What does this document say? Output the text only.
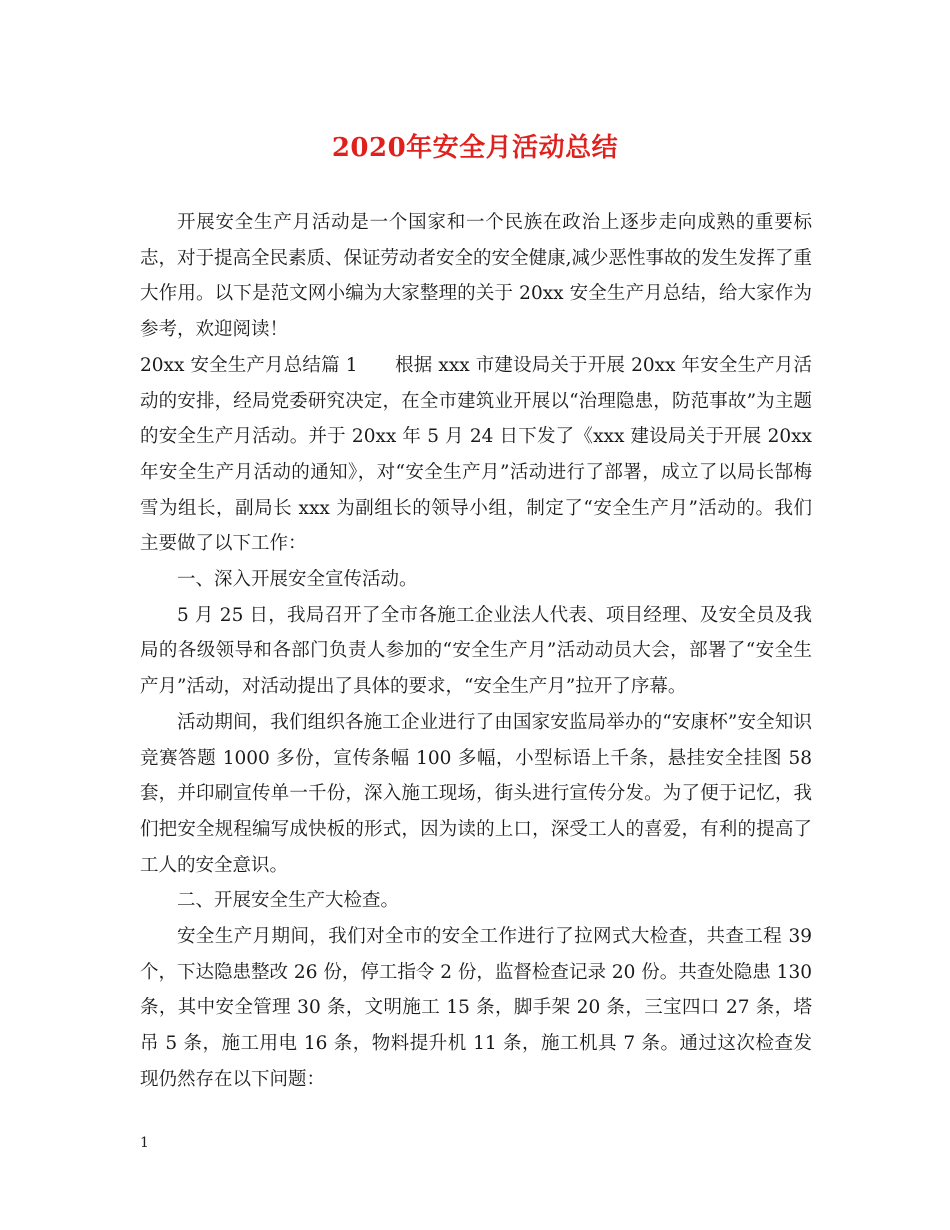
2020年安全月活动总结

开展安全生产月活动是一个国家和一个民族在政治上逐步走向成熟的重要标志，对于提高全民素质、保证劳动者安全的安全健康,减少恶性事故的发生发挥了重大作用。以下是范文网小编为大家整理的关于 20xx 安全生产月总结，给大家作为参考，欢迎阅读！

20xx 安全生产月总结篇 1　　根据 xxx 市建设局关于开展 20xx 年安全生产月活动的安排，经局党委研究决定，在全市建筑业开展以“治理隐患，防范事故”为主题的安全生产月活动。并于 20xx 年 5 月 24 日下发了《xxx 建设局关于开展 20xx 年安全生产月活动的通知》，对“安全生产月”活动进行了部署，成立了以局长郜梅雪为组长，副局长 xxx 为副组长的领导小组，制定了“安全生产月”活动的。我们主要做了以下工作：

一、深入开展安全宣传活动。

5 月 25 日，我局召开了全市各施工企业法人代表、项目经理、及安全员及我局的各级领导和各部门负责人参加的“安全生产月”活动动员大会，部署了“安全生产月”活动，对活动提出了具体的要求，“安全生产月”拉开了序幕。

活动期间，我们组织各施工企业进行了由国家安监局举办的“安康杯”安全知识竞赛答题 1000 多份，宣传条幅 100 多幅，小型标语上千条，悬挂安全挂图 58 套，并印刷宣传单一千份，深入施工现场，街头进行宣传分发。为了便于记忆，我们把安全规程编写成快板的形式，因为读的上口，深受工人的喜爱，有利的提高了工人的安全意识。

二、开展安全生产大检查。

安全生产月期间，我们对全市的安全工作进行了拉网式大检查，共查工程 39 个，下达隐患整改 26 份，停工指令 2 份，监督检查记录 20 份。共查处隐患 130 条，其中安全管理 30 条，文明施工 15 条，脚手架 20 条，三宝四口 27 条，塔吊 5 条，施工用电 16 条，物料提升机 11 条，施工机具 7 条。通过这次检查发现仍然存在以下问题：

1
